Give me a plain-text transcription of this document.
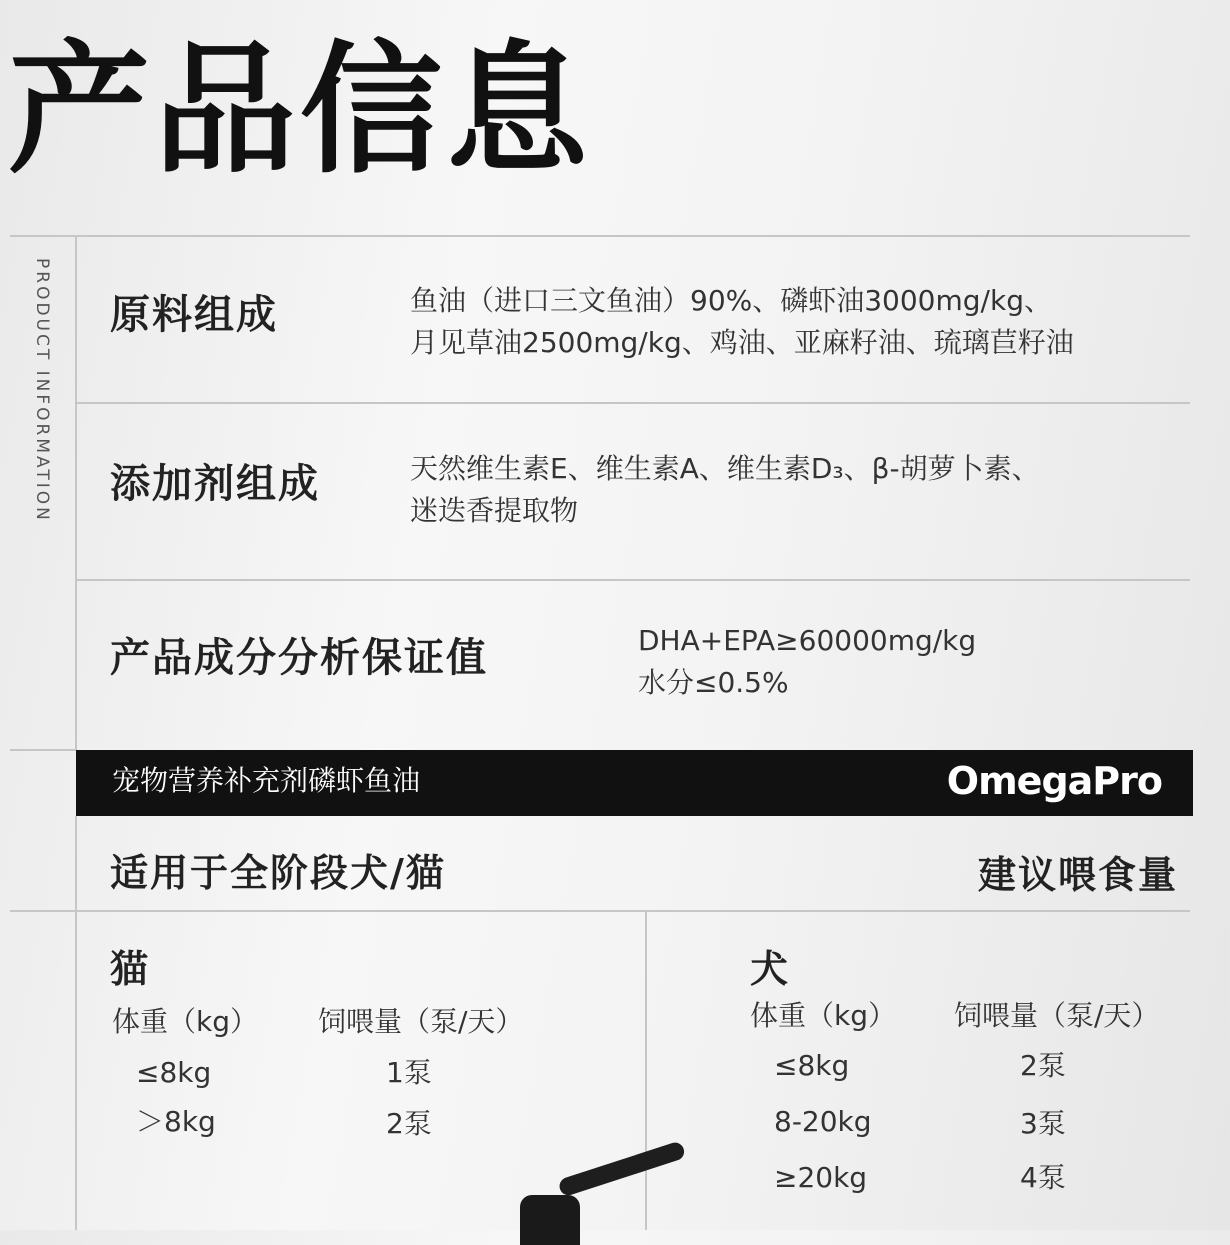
产品信息
PRODUCT INFORMATION 原料组成	鱼油（进口三文鱼油）90%、磷虾油3000mg/kg、
月见草油2500mg/kg、鸡油、亚麻籽油、琉璃苣籽油
添加剂组成	天然维生素E、维生素A、维生素D₃、β-胡萝卜素、
迷迭香提取物
产品成分分析保证值	DHA+EPA≥60000mg/kg
水分≤0.5%
宠物营养补充剂磷虾鱼油	OmegaPro
适用于全阶段犬/猫	建议喂食量
猫
体重（kg） 饲喂量（泵/天）
≤8kg	1泵
＞8kg	2泵
犬
体重（kg） 饲喂量（泵/天）
≤8kg	2泵
8-20kg	3泵
≥20kg	4泵
